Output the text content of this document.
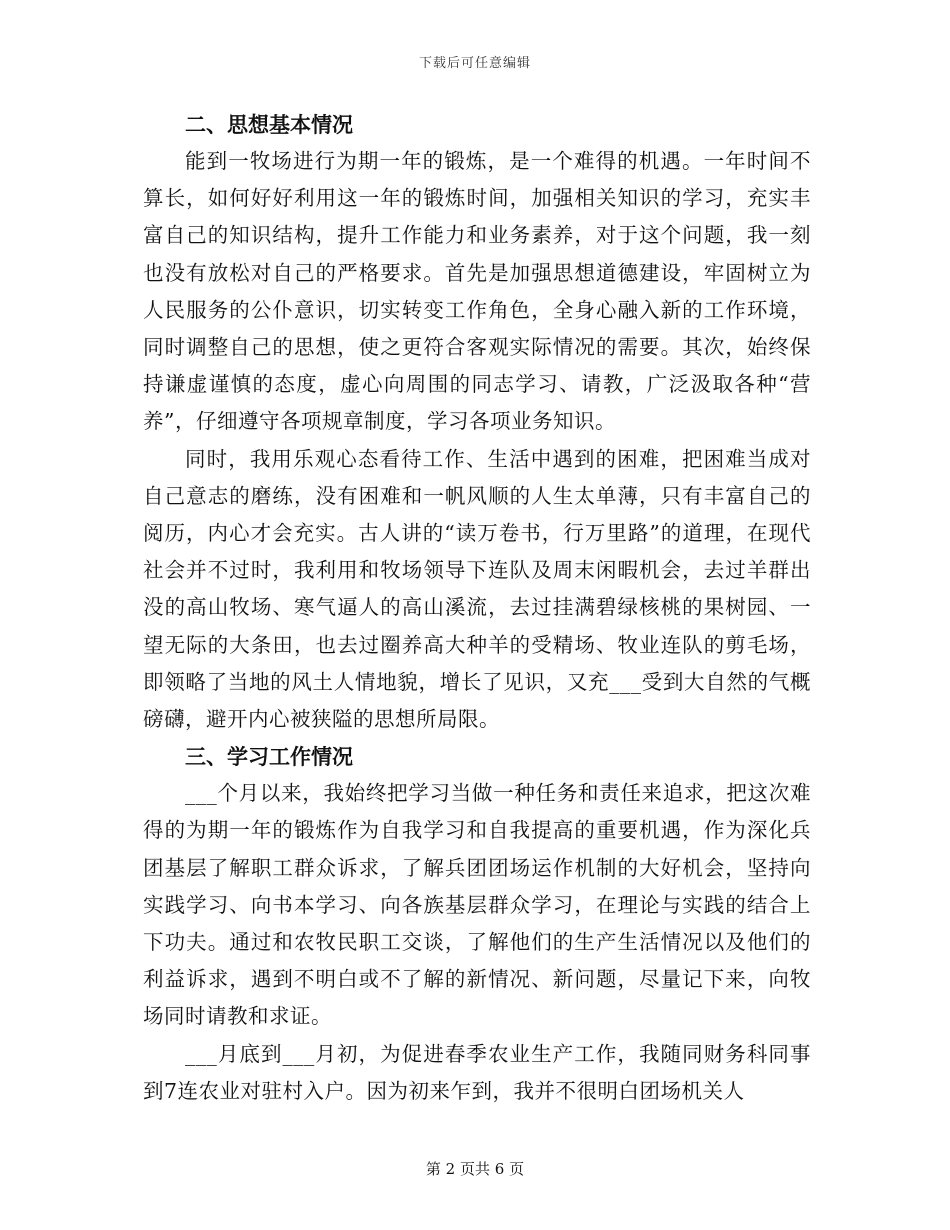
下载后可任意编辑
二、思想基本情况

能到一牧场进行为期一年的锻炼，是一个难得的机遇。一年时间不算长，如何好好利用这一年的锻炼时间，加强相关知识的学习，充实丰富自己的知识结构，提升工作能力和业务素养，对于这个问题，我一刻也没有放松对自己的严格要求。首先是加强思想道德建设，牢固树立为人民服务的公仆意识，切实转变工作角色，全身心融入新的工作环境，同时调整自己的思想，使之更符合客观实际情况的需要。其次，始终保持谦虚谨慎的态度，虚心向周围的同志学习、请教，广泛汲取各种“营养”，仔细遵守各项规章制度，学习各项业务知识。

同时，我用乐观心态看待工作、生活中遇到的困难，把困难当成对自己意志的磨练，没有困难和一帆风顺的人生太单薄，只有丰富自己的阅历，内心才会充实。古人讲的“读万卷书，行万里路”的道理，在现代社会并不过时，我利用和牧场领导下连队及周末闲暇机会，去过羊群出没的高山牧场、寒气逼人的高山溪流，去过挂满碧绿核桃的果树园、一望无际的大条田，也去过圈养高大种羊的受精场、牧业连队的剪毛场，即领略了当地的风土人情地貌，增长了见识，又充___受到大自然的气概磅礴，避开内心被狭隘的思想所局限。

三、学习工作情况

___个月以来，我始终把学习当做一种任务和责任来追求，把这次难得的为期一年的锻炼作为自我学习和自我提高的重要机遇，作为深化兵团基层了解职工群众诉求，了解兵团团场运作机制的大好机会，坚持向实践学习、向书本学习、向各族基层群众学习，在理论与实践的结合上下功夫。通过和农牧民职工交谈，了解他们的生产生活情况以及他们的利益诉求，遇到不明白或不了解的新情况、新问题，尽量记下来，向牧场同时请教和求证。

___月底到___月初，为促进春季农业生产工作，我随同财务科同事到7连农业对驻村入户。因为初来乍到，我并不很明白团场机关人

第 2 页共 6 页
